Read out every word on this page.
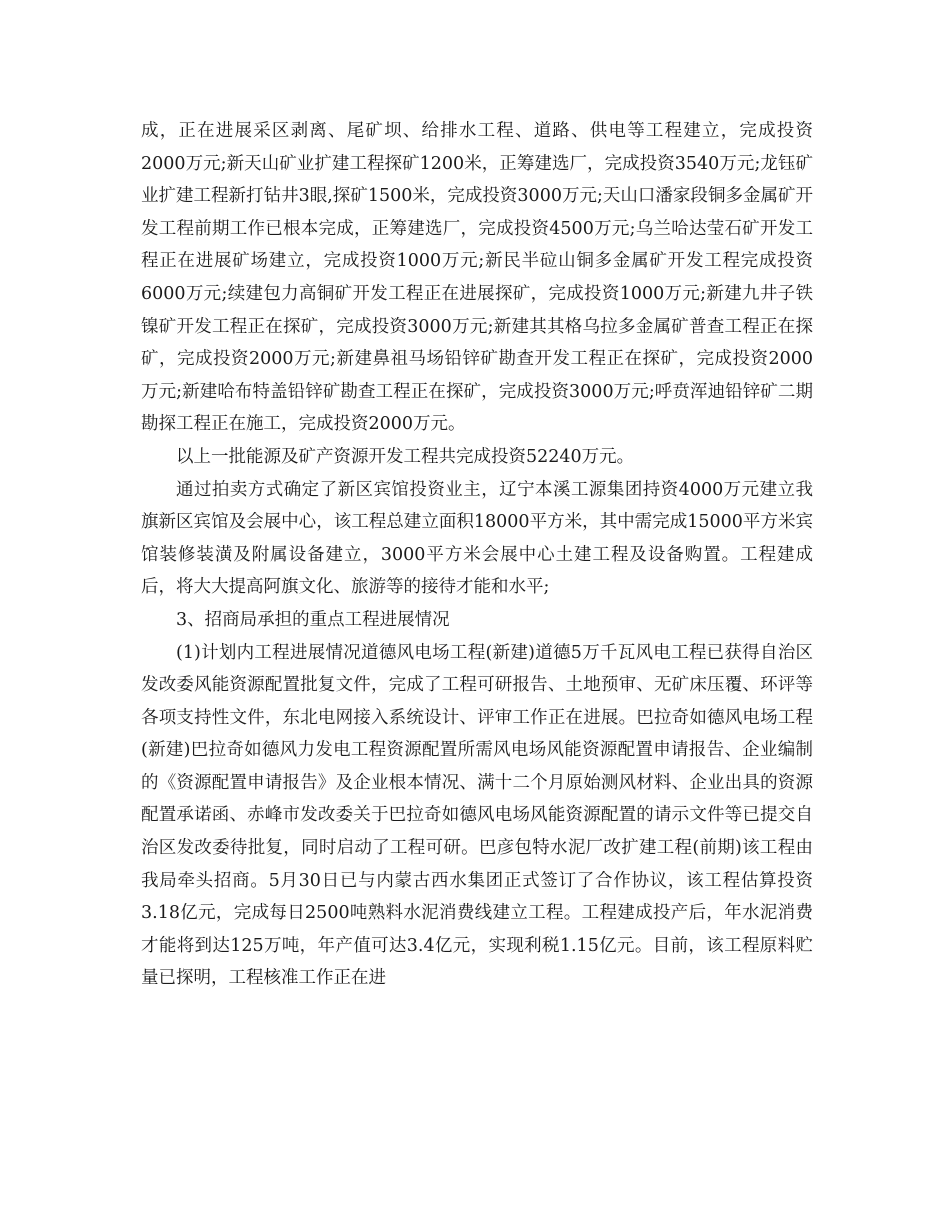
成，正在进展采区剥离、尾矿坝、给排水工程、道路、供电等工程建立，完成投资2000万元;新天山矿业扩建工程探矿1200米，正筹建选厂，完成投资3540万元;龙钰矿业扩建工程新打钻井3眼,探矿1500米，完成投资3000万元;天山口潘家段铜多金属矿开发工程前期工作已根本完成，正筹建选厂，完成投资4500万元;乌兰哈达莹石矿开发工程正在进展矿场建立，完成投资1000万元;新民半砬山铜多金属矿开发工程完成投资6000万元;续建包力高铜矿开发工程正在进展探矿，完成投资1000万元;新建九井子铁镍矿开发工程正在探矿，完成投资3000万元;新建其其格乌拉多金属矿普查工程正在探矿，完成投资2000万元;新建鼻祖马场铅锌矿勘查开发工程正在探矿，完成投资2000万元;新建哈布特盖铅锌矿勘查工程正在探矿，完成投资3000万元;呼贲浑迪铅锌矿二期勘探工程正在施工，完成投资2000万元。

以上一批能源及矿产资源开发工程共完成投资52240万元。

通过拍卖方式确定了新区宾馆投资业主，辽宁本溪工源集团持资4000万元建立我旗新区宾馆及会展中心，该工程总建立面积18000平方米，其中需完成15000平方米宾馆装修装潢及附属设备建立，3000平方米会展中心土建工程及设备购置。工程建成后，将大大提高阿旗文化、旅游等的接待才能和水平;

3、招商局承担的重点工程进展情况

(1)计划内工程进展情况道德风电场工程(新建)道德5万千瓦风电工程已获得自治区发改委风能资源配置批复文件，完成了工程可研报告、土地预审、无矿床压覆、环评等各项支持性文件，东北电网接入系统设计、评审工作正在进展。巴拉奇如德风电场工程(新建)巴拉奇如德风力发电工程资源配置所需风电场风能资源配置申请报告、企业编制的《资源配置申请报告》及企业根本情况、满十二个月原始测风材料、企业出具的资源配置承诺函、赤峰市发改委关于巴拉奇如德风电场风能资源配置的请示文件等已提交自治区发改委待批复，同时启动了工程可研。巴彦包特水泥厂改扩建工程(前期)该工程由我局牵头招商。5月30日已与内蒙古西水集团正式签订了合作协议，该工程估算投资3.18亿元，完成每日2500吨熟料水泥消费线建立工程。工程建成投产后，年水泥消费才能将到达125万吨，年产值可达3.4亿元，实现利税1.15亿元。目前，该工程原料贮量已探明，工程核准工作正在进
